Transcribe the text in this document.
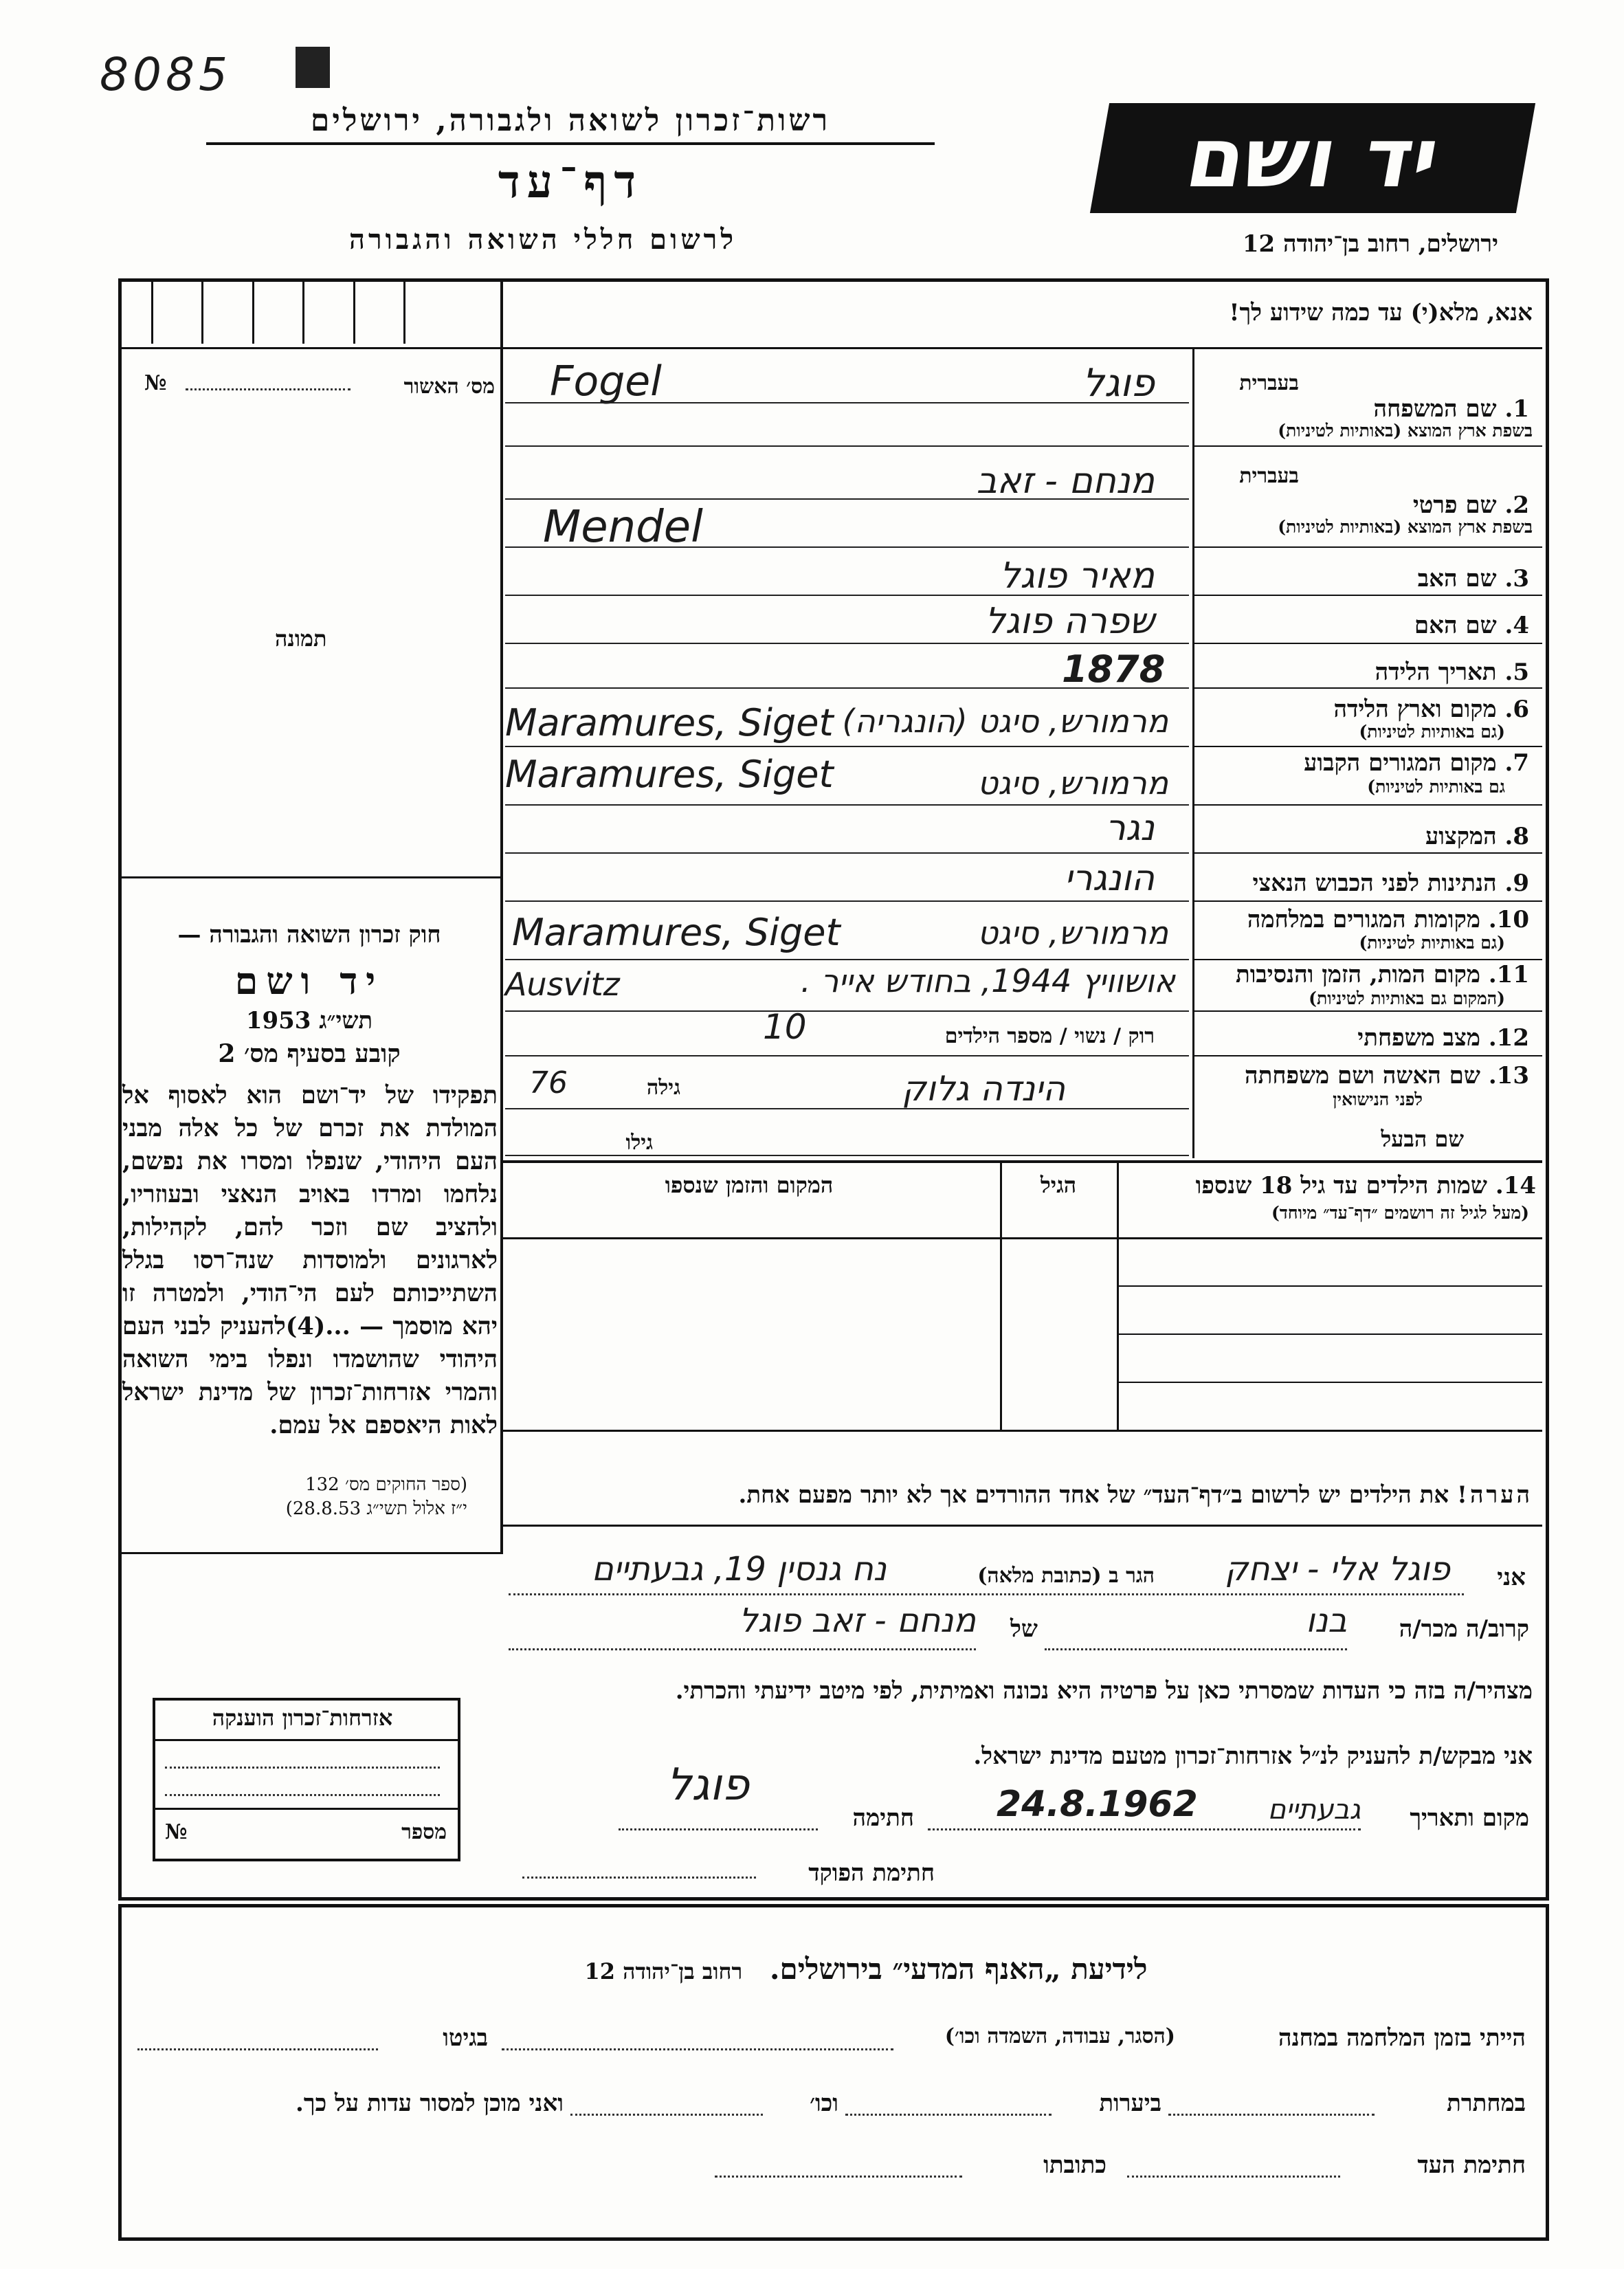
8085
יד ושם
ירושלים, רחוב בן־יהודה 12
רשות־זכרון לשואה ולגבורה, ירושלים
דף־עד
לרשום חללי השואה והגבורה
מס׳ האשור
№
תמונה
חוק זכרון השואה והגבורה —
יד ושם
תשי״ג 1953
קובע בסעיף מס׳ 2
תפקידו של יד־ושם הוא לאסוף אל המולדת את זכרם של כל אלה מבני העם היהודי, שנפלו ומסרו את נפשם, נלחמו ומרדו באויב הנאצי ובעוזריו, ולהציב שם וזכר להם, לקהילות, לארגונים ולמוסדות שנה־רסו בגלל השתייכותם לעם הי־הודי, ולמטרה זו יהא מוסמך — ...(4)להעניק לבני העם היהודי שהושמדו ונפלו בימי השואה והמרי אזרחות־זכרון של מדינת ישראל לאות היאספם אל עמם.
(ספר החוקים מס׳ 132
י״ז אלול תשי״ג 28.8.53)
אנא, מלא(י) עד כמה שידוע לך!
בעברית
1. שם המשפחה
בשפת ארץ המוצא (באותיות לטיניות)
Fogel	פוגל
בעברית
2. שם פרטי
בשפת ארץ המוצא (באותיות לטיניות)
מנחם - זאב
Mendel
3. שם האב
מאיר פוגל
4. שם האם
שפרה פוגל
5. תאריך הלידה
1878
6. מקום וארץ הלידה
(גם באותיות לטיניות)
Maramures, Siget מרמורש, סיגט (הונגריה)
7. מקום המגורים הקבוע
גם באותיות לטיניות)
Maramures, Siget	מרמורש, סיגט
8. המקצוע
נגר
9. הנתינות לפני הכבוש הנאצי
הונגרי
10. מקומות המגורים במלחמה
(גם באותיות לטיניות)
Maramures, Siget	מרמורש, סיגט
11. מקום המות, הזמן והנסיבות
(המקום גם באותיות לטיניות)
Ausvitz	אושוויץ 1944, בחודש אייר .
12. מצב משפחתי
רוק / נשוי / מספר הילדים
10
13. שם האשה ושם משפחתה
לפני הנישואין
הינדה גלוק
גילה
76
שם הבעל
גילו
14. שמות הילדים עד גיל 18 שנספו
(מעל לגיל זה רושמים ״דף־עד״ מיוחד)
הגיל
המקום והזמן שנספו
הערה! את הילדים יש לרשום ב״דף־העד״ של אחד ההורדים אך לא יותר מפעם אחת.
אני
פוגל אלי - יצחק
הגר ב (כתובת מלאה)
נח גנסין 19, גבעתיים
קרוב/ה מכר/ה
בנו
של
מנחם - זאב פוגל
מצהיר/ה בזה כי העדות שמסרתי כאן על פרטיה היא נכונה ואמיתית, לפי מיטב ידיעתי והכרתי.
אני מבקש/ת להעניק לנ״ל אזרחות־זכרון מטעם מדינת ישראל.
מקום ותאריך
גבעתיים
24.8.1962
חתימה
פוגל
חתימת הפוקד
אזרחות־זכרון הוענקה
מספר
№
לידיעת „האנף המדעי״ בירושלים.   רחוב בן־יהודה 12
הייתי בזמן המלחמה במחנה
(הסגר, עבודה, השמדה וכו׳)
בגיטו
במחתרת
ביערות
וכו׳
ואני מוכן למסור עדות על כך.
חתימת העד
כתובתו
